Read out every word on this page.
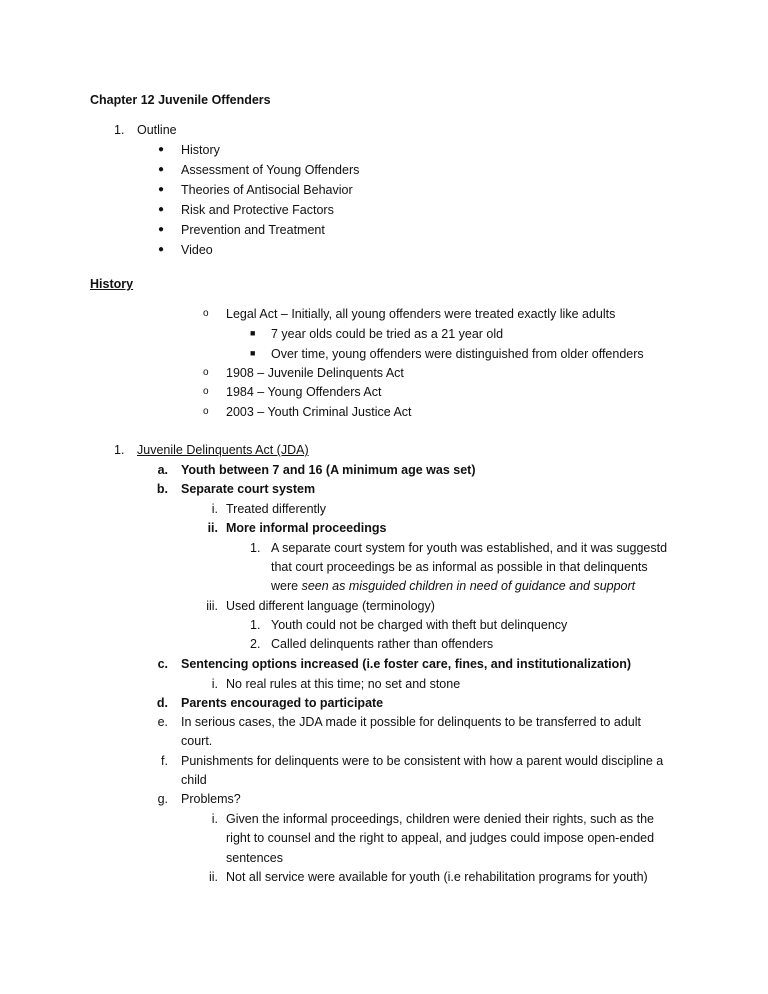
Chapter 12 Juvenile Offenders
1. Outline
● History
● Assessment of Young Offenders
● Theories of Antisocial Behavior
● Risk and Protective Factors
● Prevention and Treatment
● Video
History
o Legal Act – Initially, all young offenders were treated exactly like adults
■ 7 year olds could be tried as a 21 year old
■ Over time, young offenders were distinguished from older offenders
o 1908 – Juvenile Delinquents Act
o 1984 – Young Offenders Act
o 2003 – Youth Criminal Justice Act
1. Juvenile Delinquents Act (JDA)
a. Youth between 7 and 16 (A minimum age was set)
b. Separate court system
i. Treated differently
ii. More informal proceedings
1. A separate court system for youth was established, and it was suggestd
that court proceedings be as informal as possible in that delinquents
were seen as misguided children in need of guidance and support
iii. Used different language (terminology)
1. Youth could not be charged with theft but delinquency
2. Called delinquents rather than offenders
c. Sentencing options increased (i.e foster care, fines, and institutionalization)
i. No real rules at this time; no set and stone
d. Parents encouraged to participate
e. In serious cases, the JDA made it possible for delinquents to be transferred to adult
court.
f. Punishments for delinquents were to be consistent with how a parent would discipline a
child
g. Problems?
i. Given the informal proceedings, children were denied their rights, such as the
right to counsel and the right to appeal, and judges could impose open-ended
sentences
ii. Not all service were available for youth (i.e rehabilitation programs for youth)
